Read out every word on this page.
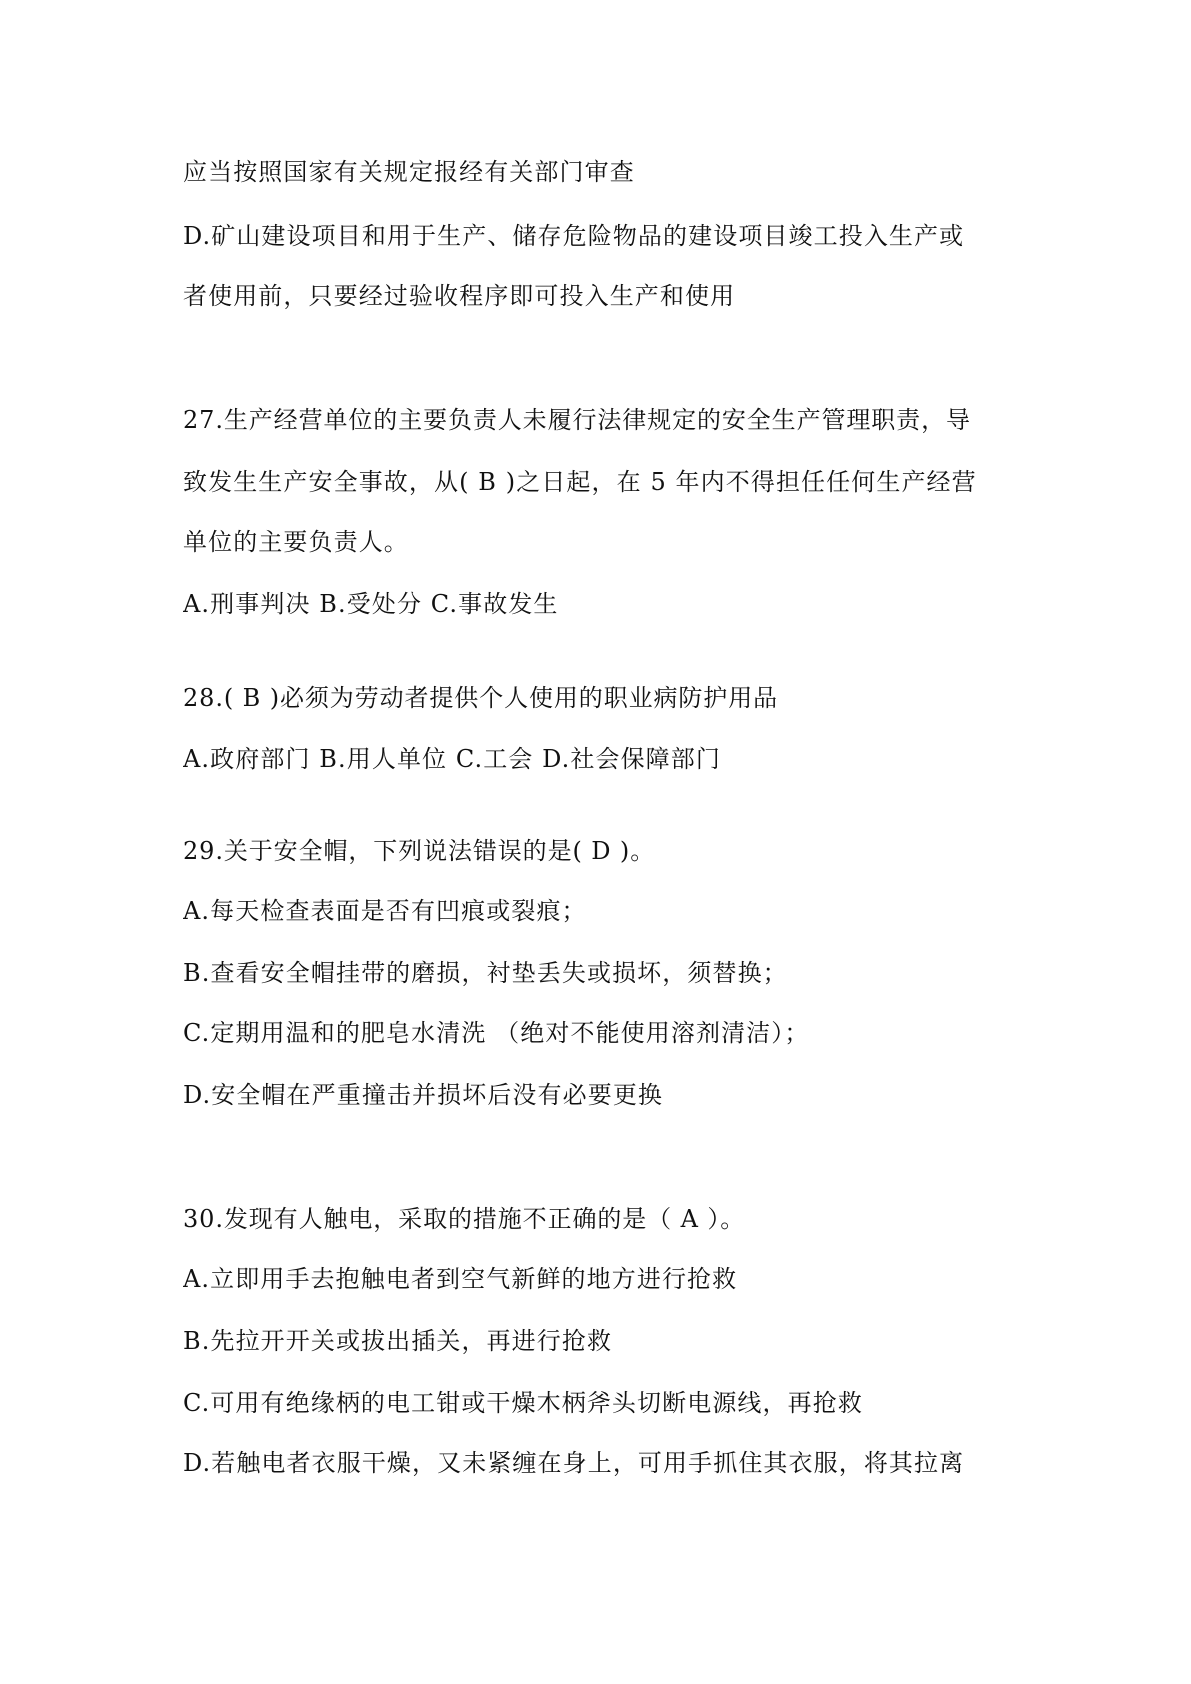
应当按照国家有关规定报经有关部门审查
D.矿山建设项目和用于生产、储存危险物品的建设项目竣工投入生产或
者使用前，只要经过验收程序即可投入生产和使用
27.生产经营单位的主要负责人未履行法律规定的安全生产管理职责，导
致发生生产安全事故，从( B )之日起，在 5 年内不得担任任何生产经营
单位的主要负责人。
A.刑事判决 B.受处分 C.事故发生
28.( B )必须为劳动者提供个人使用的职业病防护用品
A.政府部门 B.用人单位 C.工会 D.社会保障部门
29.关于安全帽，下列说法错误的是( D )。
A.每天检查表面是否有凹痕或裂痕；
B.查看安全帽挂带的磨损，衬垫丢失或损坏，须替换；
C.定期用温和的肥皂水清洗 （绝对不能使用溶剂清洁）；
D.安全帽在严重撞击并损坏后没有必要更换
30.发现有人触电，采取的措施不正确的是（ A ）。
A.立即用手去抱触电者到空气新鲜的地方进行抢救
B.先拉开开关或拔出插关，再进行抢救
C.可用有绝缘柄的电工钳或干燥木柄斧头切断电源线，再抢救
D.若触电者衣服干燥，又未紧缠在身上，可用手抓住其衣服，将其拉离
